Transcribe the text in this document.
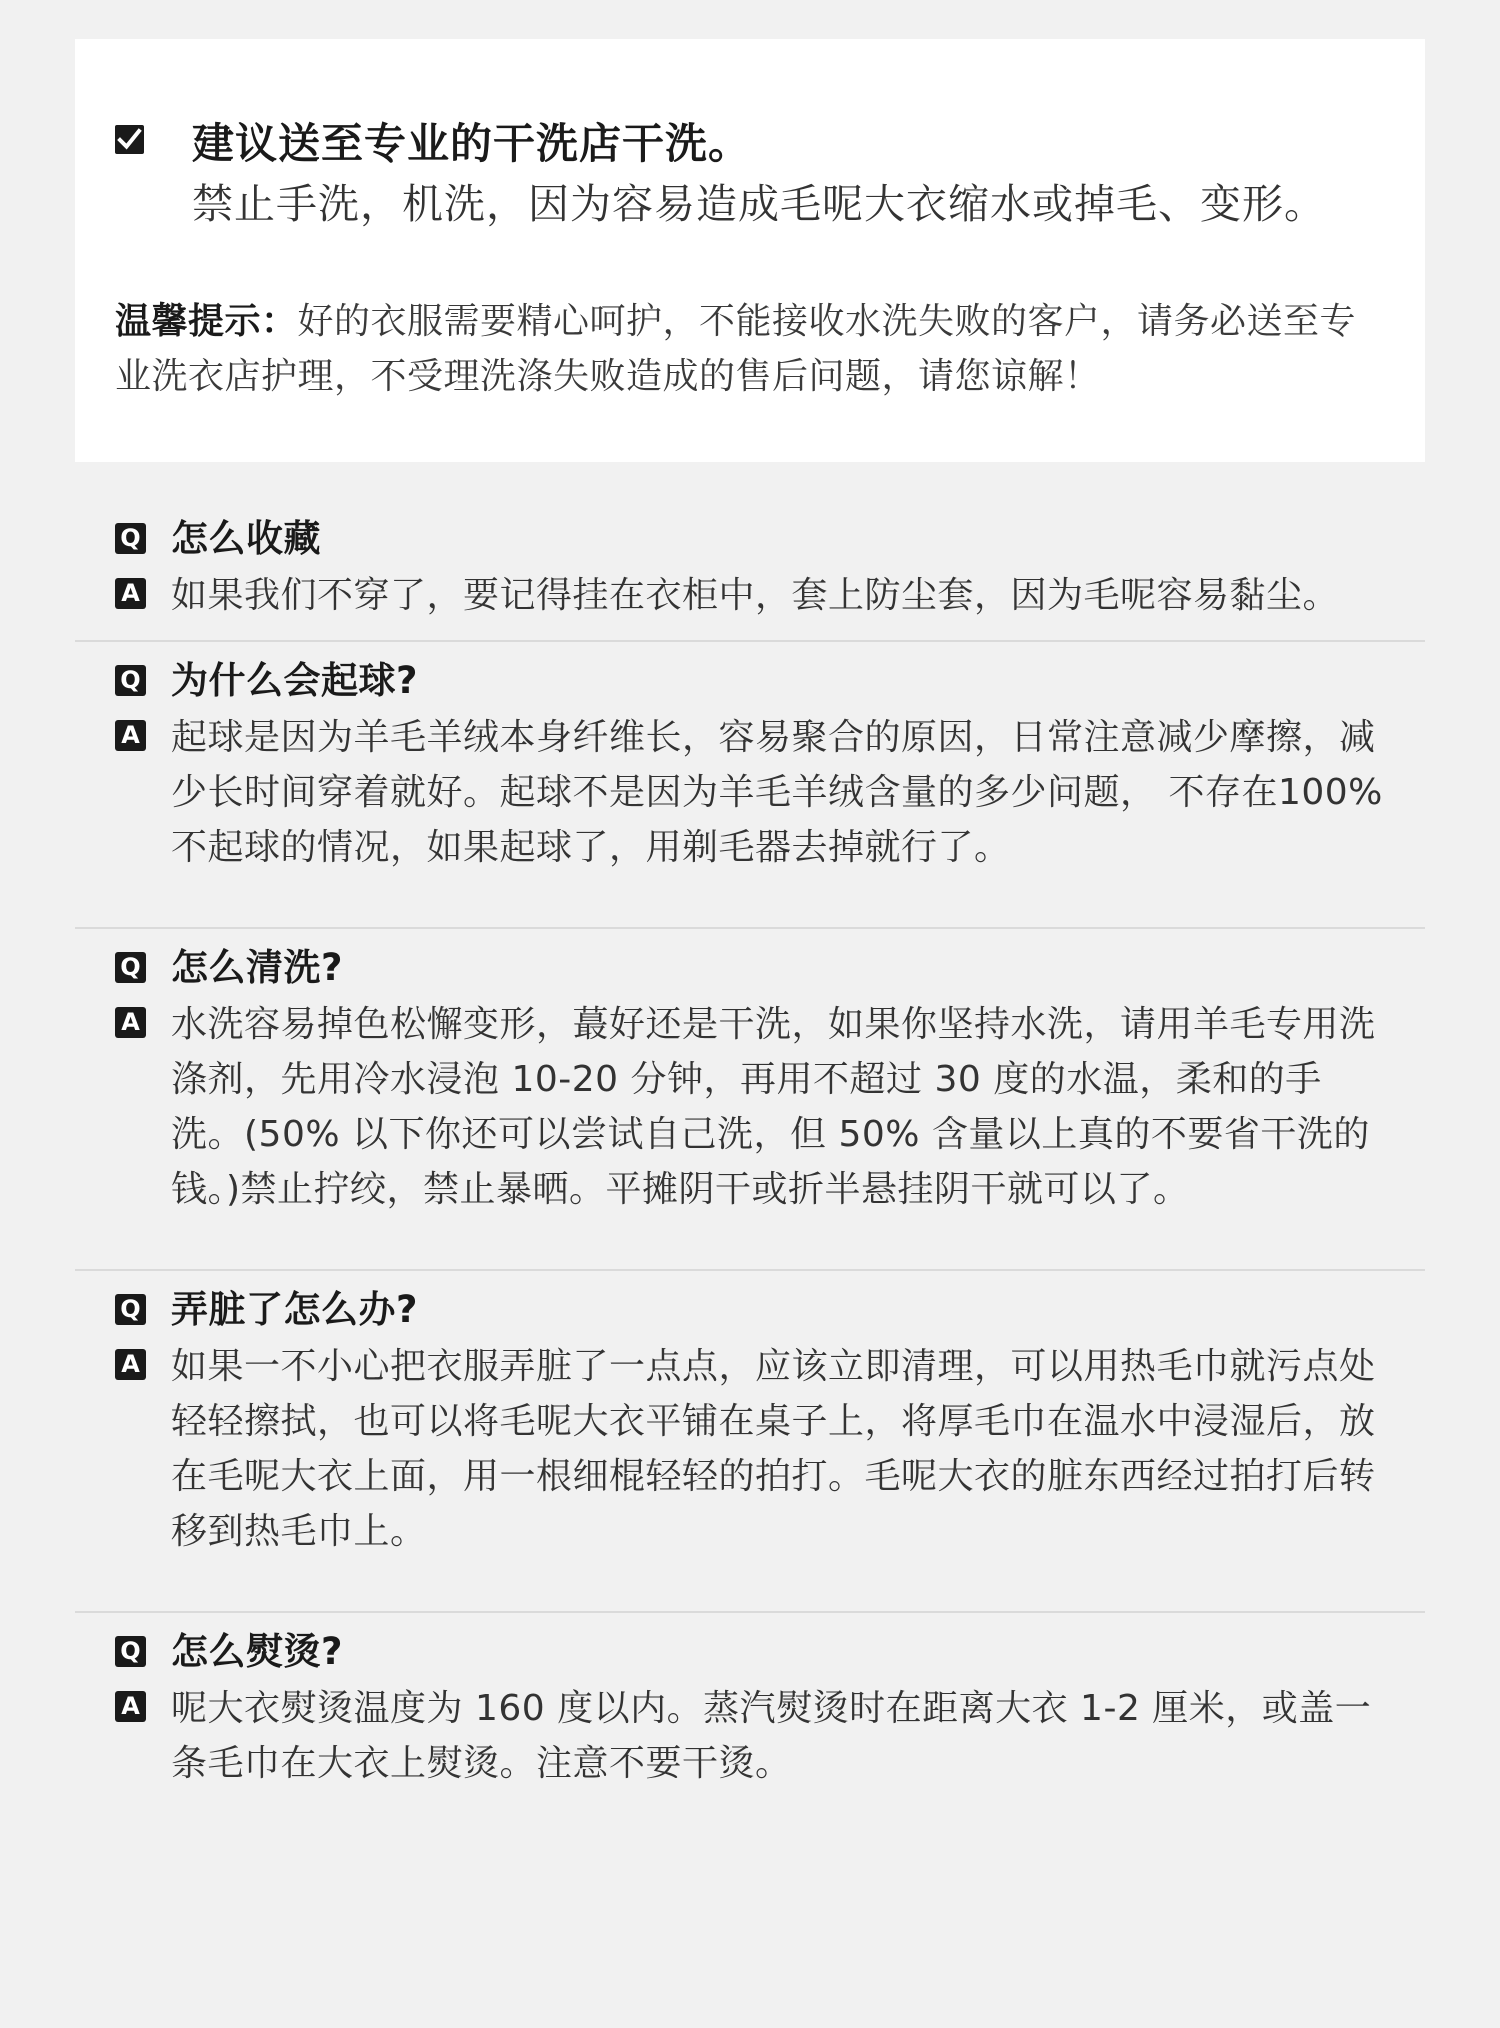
建议送至专业的干洗店干洗。
禁止手洗，机洗，因为容易造成毛呢大衣缩水或掉毛、变形。
温馨提示：好的衣服需要精心呵护，不能接收水洗失败的客户，请务必送至专业洗衣店护理，不受理洗涤失败造成的售后问题，请您谅解！
Q 怎么收藏
A 如果我们不穿了，要记得挂在衣柜中，套上防尘套，因为毛呢容易黏尘。
Q 为什么会起球?
A 起球是因为羊毛羊绒本身纤维长，容易聚合的原因，日常注意减少摩擦，减少长时间穿着就好。起球不是因为羊毛羊绒含量的多少问题， 不存在100% 不起球的情况，如果起球了，用剃毛器去掉就行了。
Q 怎么清洗?
A 水洗容易掉色松懈变形，蕞好还是干洗，如果你坚持水洗，请用羊毛专用洗涤剂，先用冷水浸泡 10-20 分钟，再用不超过 30 度的水温，柔和的手洗。(50% 以下你还可以尝试自己洗，但 50% 含量以上真的不要省干洗的钱。)禁止拧绞，禁止暴晒。平摊阴干或折半悬挂阴干就可以了。
Q 弄脏了怎么办?
A 如果一不小心把衣服弄脏了一点点，应该立即清理，可以用热毛巾就污点处轻轻擦拭，也可以将毛呢大衣平铺在桌子上，将厚毛巾在温水中浸湿后，放在毛呢大衣上面，用一根细棍轻轻的拍打。毛呢大衣的脏东西经过拍打后转移到热毛巾上。
Q 怎么熨烫?
A 呢大衣熨烫温度为 160 度以内。蒸汽熨烫时在距离大衣 1-2 厘米，或盖一条毛巾在大衣上熨烫。注意不要干烫。
